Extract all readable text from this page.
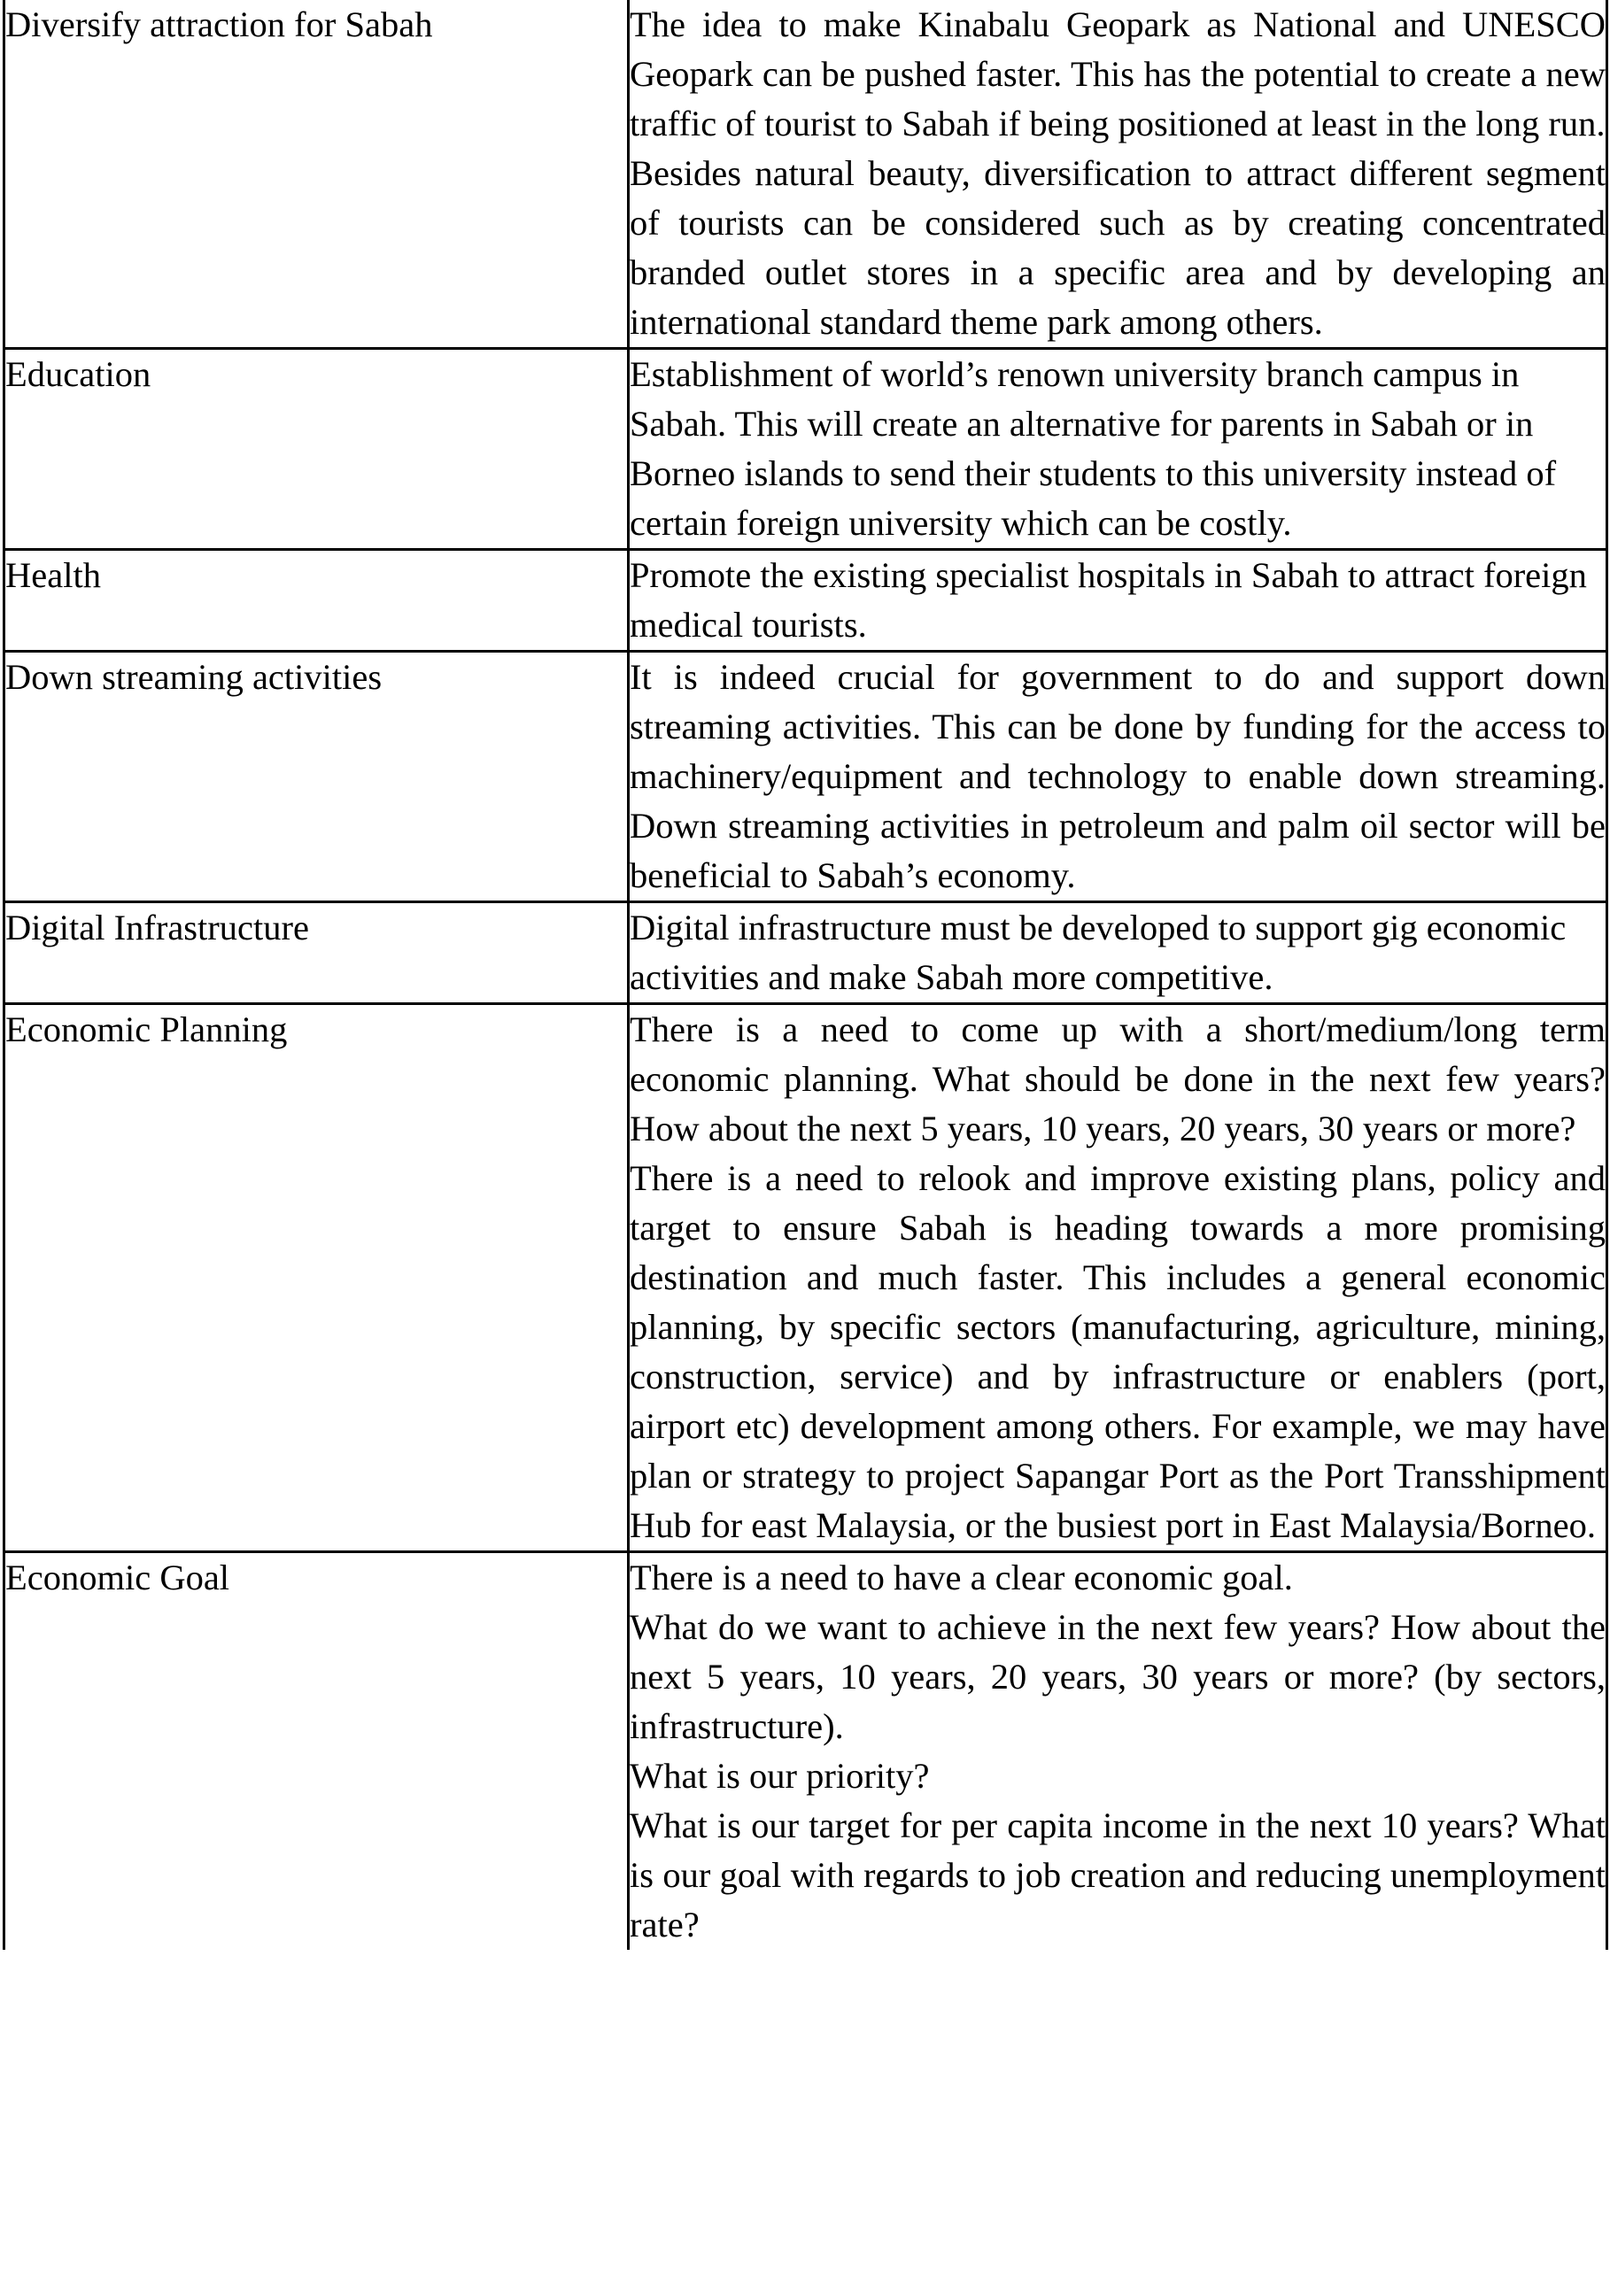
Diversify attraction for Sabah	The idea to make Kinabalu Geopark as National and UNESCO Geopark can be pushed faster. This has the potential to create a new traffic of tourist to Sabah if being positioned at least in the long run.

Besides natural beauty, diversification to attract different segment of tourists can be considered such as by creating concentrated branded outlet stores in a specific area and by developing an international standard theme park among others.

Education	Establishment of world’s renown university branch campus in Sabah. This will create an alternative for parents in Sabah or in Borneo islands to send their students to this university instead of certain foreign university which can be costly.

Health	Promote the existing specialist hospitals in Sabah to attract foreign medical tourists.

Down streaming activities	It is indeed crucial for government to do and support down streaming activities. This can be done by funding for the access to machinery/equipment and technology to enable down streaming. Down streaming activities in petroleum and palm oil sector will be beneficial to Sabah’s economy.

Digital Infrastructure	Digital infrastructure must be developed to support gig economic activities and make Sabah more competitive.

Economic Planning	There is a need to come up with a short/medium/long term economic planning. What should be done in the next few years? How about the next 5 years, 10 years, 20 years, 30 years or more?

There is a need to relook and improve existing plans, policy and target to ensure Sabah is heading towards a more promising destination and much faster. This includes a general economic planning, by specific sectors (manufacturing, agriculture, mining, construction, service) and by infrastructure or enablers (port, airport etc) development among others. For example, we may have plan or strategy to project Sapangar Port as the Port Transshipment Hub for east Malaysia, or the busiest port in East Malaysia/Borneo.

Economic Goal	There is a need to have a clear economic goal.

What do we want to achieve in the next few years? How about the next 5 years, 10 years, 20 years, 30 years or more? (by sectors, infrastructure).

What is our priority?

What is our target for per capita income in the next 10 years? What is our goal with regards to job creation and reducing unemployment rate?
